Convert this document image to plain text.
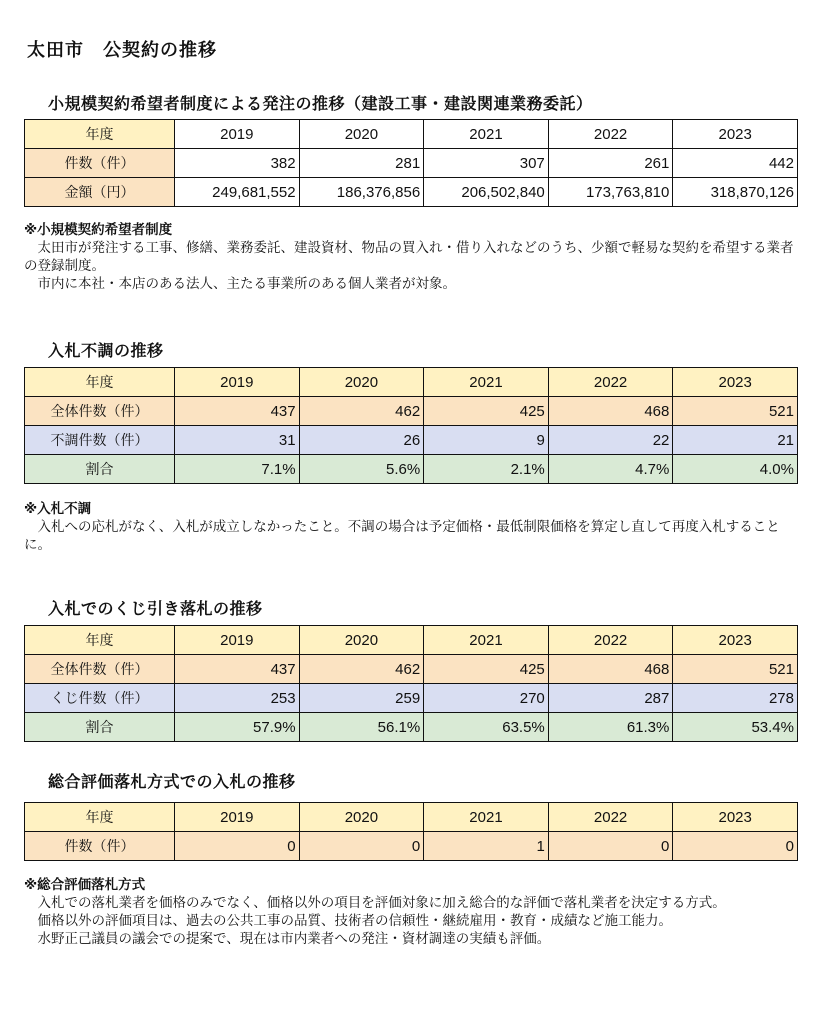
太田市　公契約の推移
小規模契約希望者制度による発注の推移（建設工事・建設関連業務委託）
年度	2019	2020	2021	2022	2023
件数（件）	382	281	307	261	442
金額（円）	249,681,552	186,376,856	206,502,840	173,763,810	318,870,126

※小規模契約希望者制度

　太田市が発注する工事、修繕、業務委託、建設資材、物品の買入れ・借り入れなどのうち、少額で軽易な契約を希望する業者の登録制度。

　市内に本社・本店のある法人、主たる事業所のある個人業者が対象。

入札不調の推移
年度	2019	2020	2021	2022	2023
全体件数（件）	437	462	425	468	521
不調件数（件）	31	26	9	22	21
割合	7.1%	5.6%	2.1%	4.7%	4.0%

※入札不調

　入札への応札がなく、入札が成立しなかったこと。不調の場合は予定価格・最低制限価格を算定し直して再度入札することに。

入札でのくじ引き落札の推移
年度	2019	2020	2021	2022	2023
全体件数（件）	437	462	425	468	521
くじ件数（件）	253	259	270	287	278
割合	57.9%	56.1%	63.5%	61.3%	53.4%
総合評価落札方式での入札の推移
年度	2019	2020	2021	2022	2023
件数（件）	0	0	1	0	0

※総合評価落札方式

　入札での落札業者を価格のみでなく、価格以外の項目を評価対象に加え総合的な評価で落札業者を決定する方式。

　価格以外の評価項目は、過去の公共工事の品質、技術者の信頼性・継続雇用・教育・成績など施工能力。

　水野正己議員の議会での提案で、現在は市内業者への発注・資材調達の実績も評価。
